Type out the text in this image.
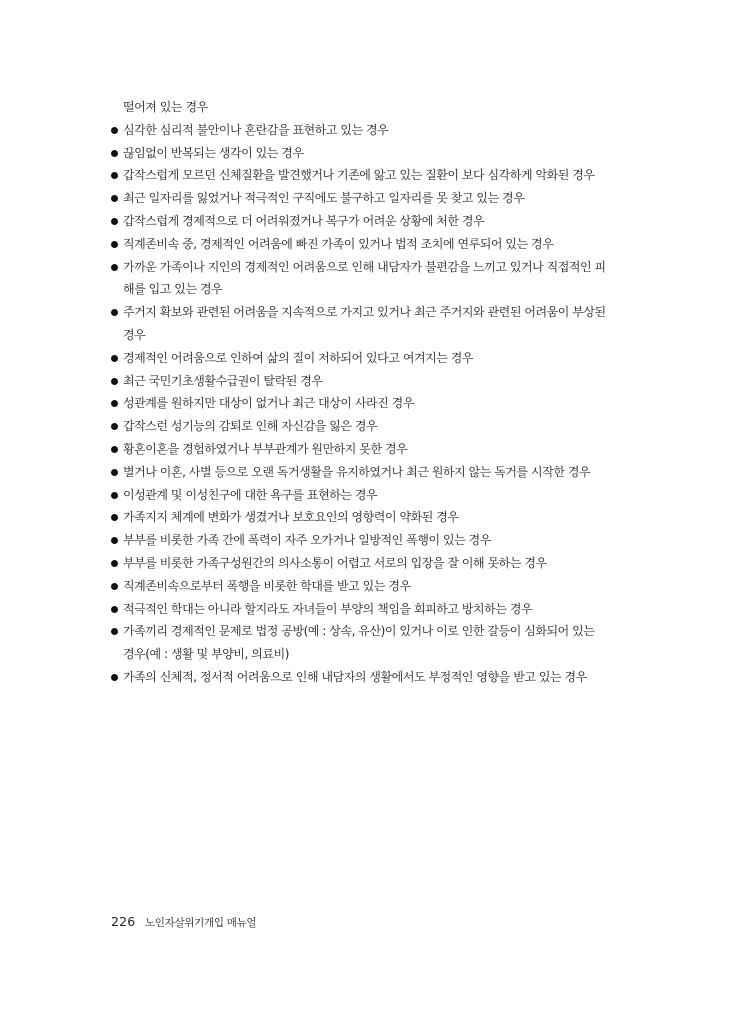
떨어져 있는 경우
심각한 심리적 불안이나 혼란감을 표현하고 있는 경우
끊임없이 반복되는 생각이 있는 경우
갑작스럽게 모르던 신체질환을 발견했거나 기존에 앓고 있는 질환이 보다 심각하게 악화된 경우
최근 일자리를 잃었거나 적극적인 구직에도 불구하고 일자리를 못 찾고 있는 경우
갑작스럽게 경제적으로 더 어려워졌거나 복구가 어려운 상황에 처한 경우
직계존비속 중, 경제적인 어려움에 빠진 가족이 있거나 법적 조치에 연루되어 있는 경우
가까운 가족이나 지인의 경제적인 어려움으로 인해 내담자가 불편감을 느끼고 있거나 직접적인 피
해를 입고 있는 경우
주거지 확보와 관련된 어려움을 지속적으로 가지고 있거나 최근 주거지와 관련된 어려움이 부상된
경우
경제적인 어려움으로 인하여 삶의 질이 저하되어 있다고 여겨지는 경우
최근 국민기초생활수급권이 탈락된 경우
성관계를 원하지만 대상이 없거나 최근 대상이 사라진 경우
갑작스런 성기능의 감퇴로 인해 자신감을 잃은 경우
황혼이혼을 경험하였거나 부부관계가 원만하지 못한 경우
별거나 이혼, 사별 등으로 오랜 독거생활을 유지하였거나 최근 원하지 않는 독거를 시작한 경우
이성관계 및 이성친구에 대한 욕구를 표현하는 경우
가족지지 체계에 변화가 생겼거나 보호요인의 영향력이 약화된 경우
부부를 비롯한 가족 간에 폭력이 자주 오가거나 일방적인 폭행이 있는 경우
부부를 비롯한 가족구성원간의 의사소통이 어렵고 서로의 입장을 잘 이해 못하는 경우
직계존비속으로부터 폭행을 비롯한 학대를 받고 있는 경우
적극적인 학대는 아니라 할지라도 자녀들이 부양의 책임을 회피하고 방치하는 경우
가족끼리 경제적인 문제로 법정 공방(예 : 상속, 유산)이 있거나 이로 인한 갈등이 심화되어 있는
경우(예 : 생활 및 부양비, 의료비)
가족의 신체적, 정서적 어려움으로 인해 내담자의 생활에서도 부정적인 영향을 받고 있는 경우
226 노인자살위기개입 매뉴얼
